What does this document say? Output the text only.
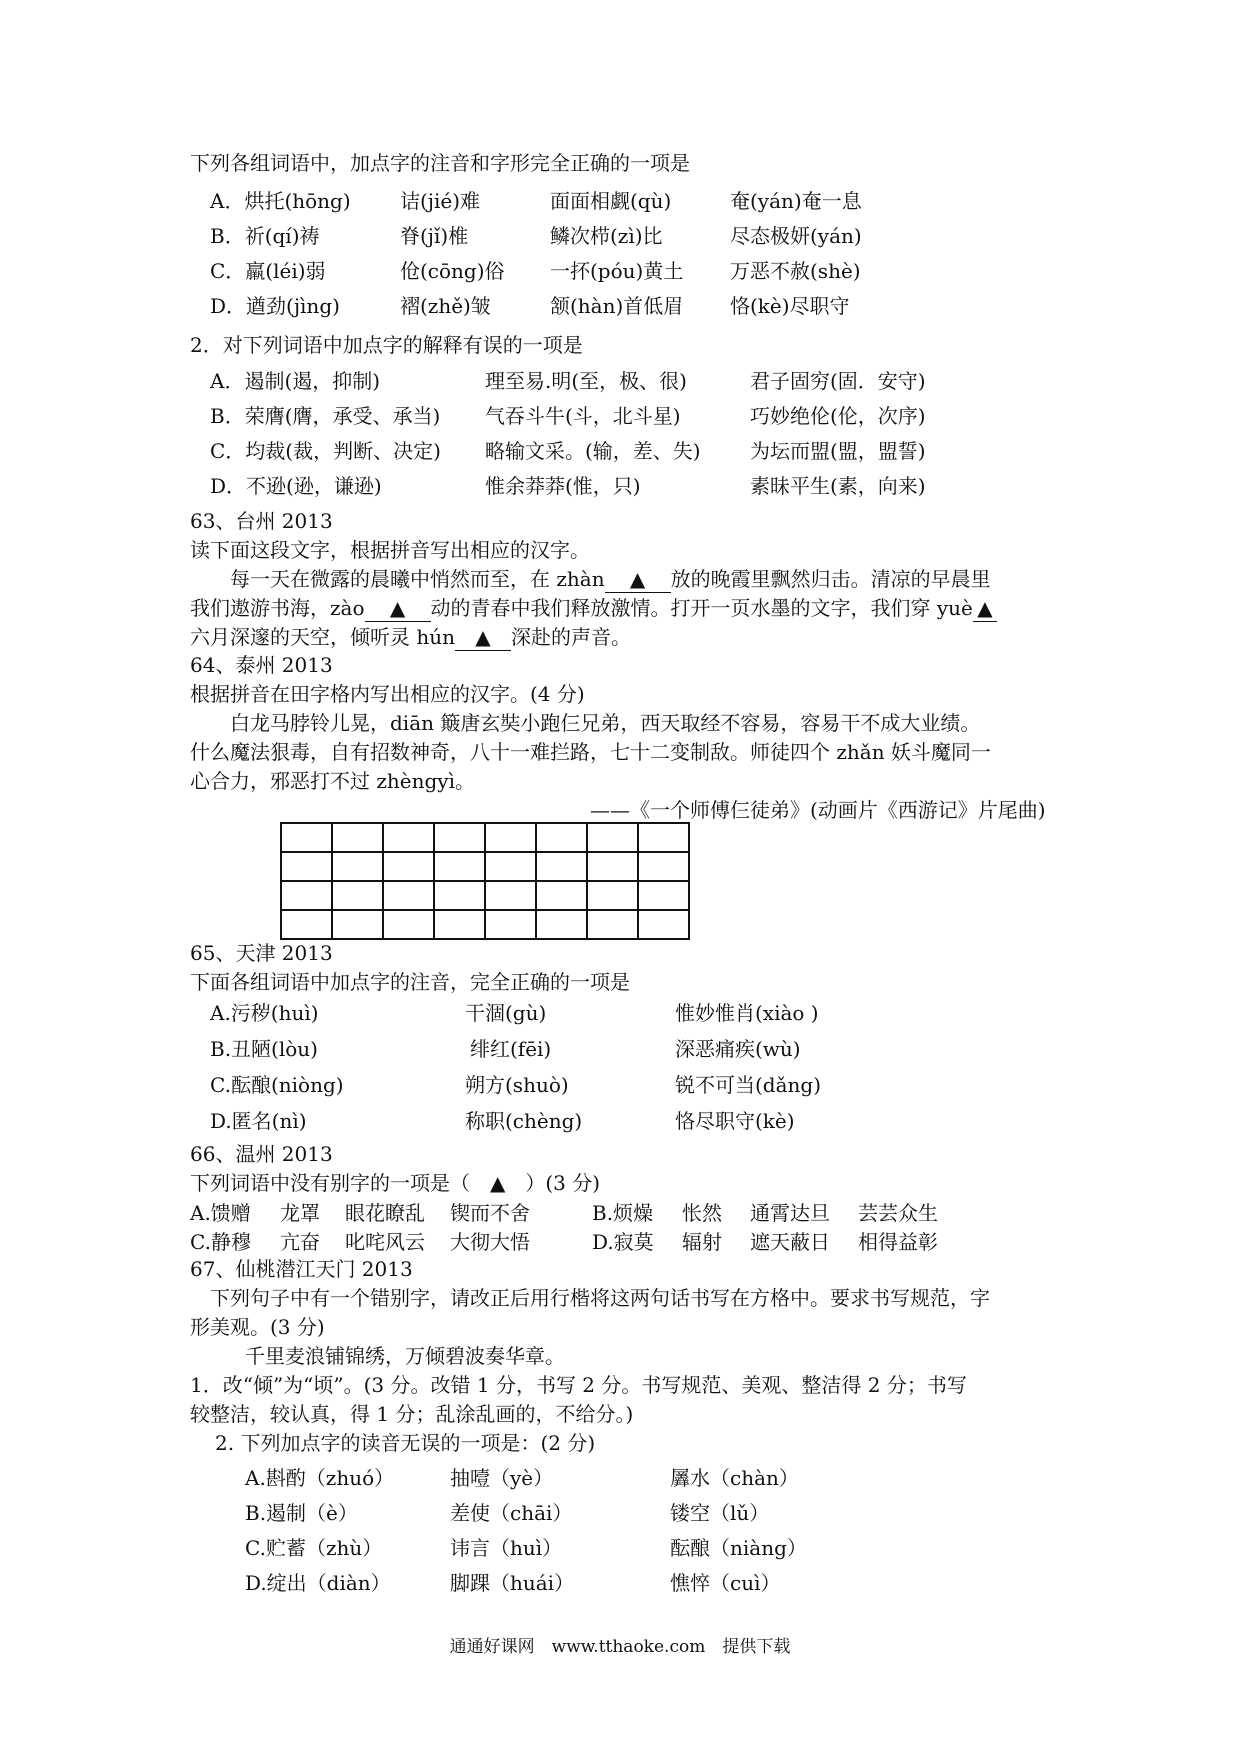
下列各组词语中，加点字的注音和字形完全正确的一项是
A．烘托(hōng) 诘(jié)难	面面相觑(qù)	奄(yán)奄一息
B．祈(qí)祷	脊(jǐ)椎	鳞次栉(zì)比	尽态极妍(yán)
C．羸(léi)弱	伧(cōng)俗 一抔(póu)黄土 万恶不赦(shè)
D．遒劲(jìng)	褶(zhě)皱	颔(hàn)首低眉 恪(kè)尽职守
2．对下列词语中加点字的解释有误的一项是
A．遏制(遏，抑制)	理至易.明(至，极、很)	君子固穷(固．安守)
B．荣膺(膺，承受、承当) 气吞斗牛(斗，北斗星)	巧妙绝伦(伦，次序)
C．均裁(裁，判断、决定) 略输文采。(输，差、失) 为坛而盟(盟，盟誓)
D．不逊(逊，谦逊)	惟余莽莽(惟，只)	素昧平生(素，向来)
63、台州 2013
读下面这段文字，根据拼音写出相应的汉字。
每一天在微露的晨曦中悄然而至，在 zhàn ▲ 放的晚霞里飘然归击。清凉的早晨里
我们遨游书海，zào ▲ 动的青春中我们释放激情。打开一页水墨的文字，我们穿 yuè ▲
六月深邃的天空，倾听灵 hún ▲ 深赴的声音。
64、泰州 2013
根据拼音在田字格内写出相应的汉字。(4 分)
白龙马脖铃儿晃，diān 簸唐玄奘小跑仨兄弟，西天取经不容易，容易干不成大业绩。
什么魔法狠毒，自有招数神奇，八十一难拦路，七十二变制敌。师徒四个 zhǎn 妖斗魔同一
心合力，邪恶打不过 zhèngyì。
——《一个师傅仨徒弟》(动画片《西游记》片尾曲)

65、天津 2013
下面各组词语中加点字的注音，完全正确的一项是
A.污秽(huì)	干涸(gù)	惟妙惟肖(xiào )
B.丑陋(lòu)	绯红(fēi)	深恶痛疾(wù)
C.酝酿(niòng)	朔方(shuò)	锐不可当(dǎng)
D.匿名(nì)	称职(chèng)	恪尽职守(kè)
66、温州 2013
下列词语中没有别字的一项是（　▲　）(3 分)
A.馈赠 龙罩 眼花瞭乱 锲而不舍	B.烦燥 怅然 通霄达旦 芸芸众生
C.静穆 亢奋 叱咤风云 大彻大悟	D.寂莫 辐射 遮天蔽日 相得益彰
67、仙桃潜江天门 2013
下列句子中有一个错别字，请改正后用行楷将这两句话书写在方格中。要求书写规范，字
形美观。(3 分)
千里麦浪铺锦绣，万倾碧波奏华章。
1．改“倾”为“顷”。(3 分。改错 1 分，书写 2 分。书写规范、美观、整洁得 2 分；书写
较整洁，较认真，得 1 分；乱涂乱画的，不给分。)
2. 下列加点字的读音无误的一项是：(2 分)
A.斟酌（zhuó）	抽噎（yè）	羼水（chàn）
B.遏制（è）	差使（chāi）	镂空（lǔ）
C.贮蓄（zhù）	讳言（huì）	酝酿（niàng）
D.绽出（diàn）	脚踝（huái）	憔悴（cuì）
通通好课网　www.tthaoke.com　提供下载
